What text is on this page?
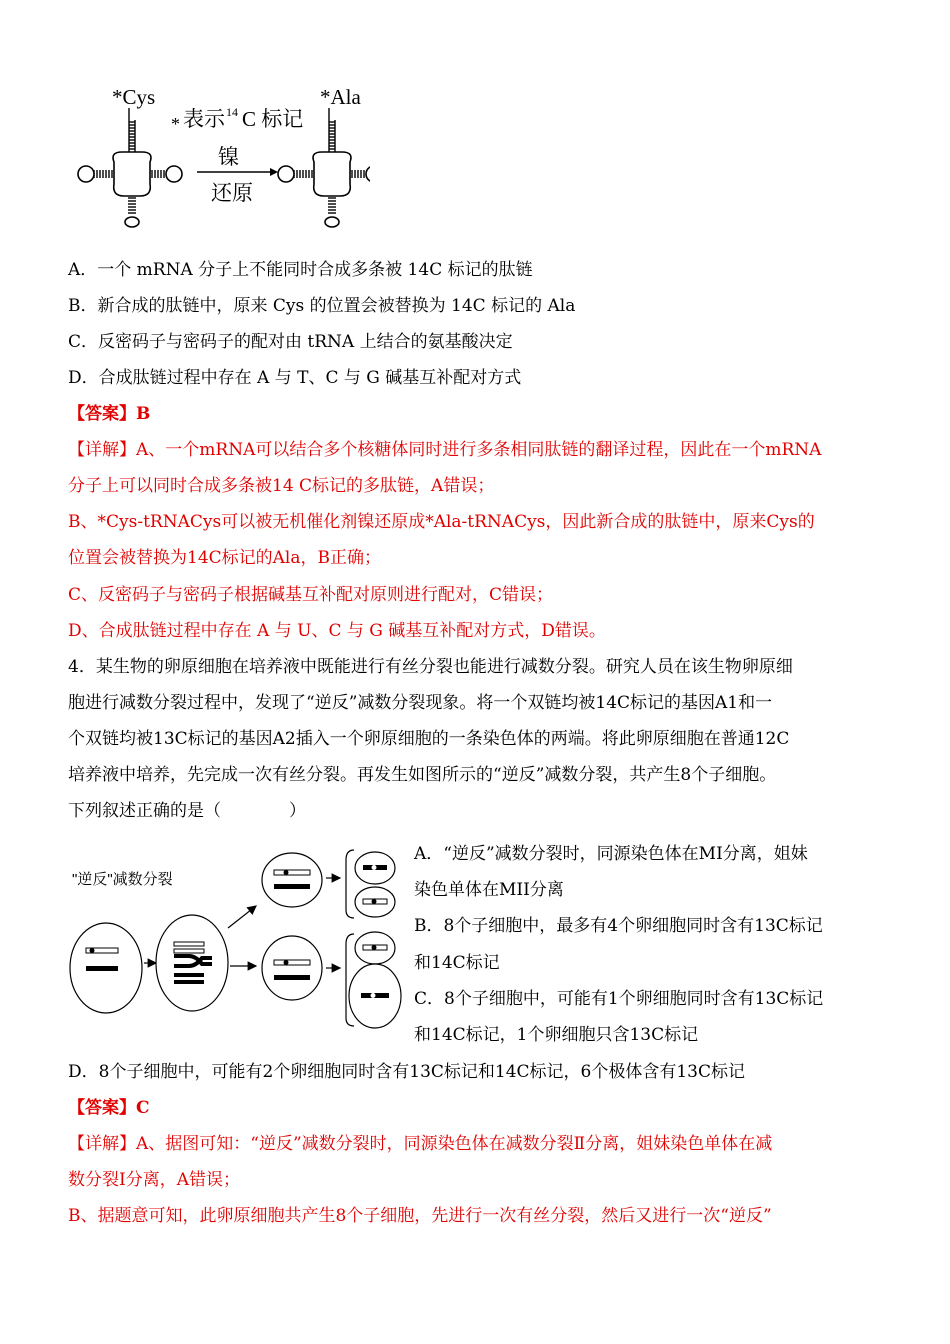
*Cys	*Ala
* 表示 14 C 标记
镍
还原
A．一个 mRNA 分子上不能同时合成多条被 14C 标记的肽链
B．新合成的肽链中，原来 Cys 的位置会被替换为 14C 标记的 Ala
C．反密码子与密码子的配对由 tRNA 上结合的氨基酸决定
D．合成肽链过程中存在 A 与 T、C 与 G 碱基互补配对方式
【答案】B
【详解】A、一个mRNA可以结合多个核糖体同时进行多条相同肽链的翻译过程，因此在一个mRNA
分子上可以同时合成多条被14 C标记的多肽链，A错误；
B、*Cys-tRNACys可以被无机催化剂镍还原成*Ala-tRNACys，因此新合成的肽链中，原来Cys的
位置会被替换为14C标记的Ala，B正确；
C、反密码子与密码子根据碱基互补配对原则进行配对，C错误；
D、合成肽链过程中存在 A 与 U、C 与 G 碱基互补配对方式，D错误。
4．某生物的卵原细胞在培养液中既能进行有丝分裂也能进行减数分裂。研究人员在该生物卵原细
胞进行减数分裂过程中，发现了“逆反”减数分裂现象。将一个双链均被14C标记的基因A1和一
个双链均被13C标记的基因A2插入一个卵原细胞的一条染色体的两端。将此卵原细胞在普通12C
培养液中培养，先完成一次有丝分裂。再发生如图所示的“逆反”减数分裂，共产生8个子细胞。
下列叙述正确的是（　　　　）
"逆反"减数分裂
A．“逆反”减数分裂时，同源染色体在MI分离，姐妹
染色单体在MII分离
B．8个子细胞中，最多有4个卵细胞同时含有13C标记
和14C标记
C．8个子细胞中，可能有1个卵细胞同时含有13C标记
和14C标记，1个卵细胞只含13C标记
D．8个子细胞中，可能有2个卵细胞同时含有13C标记和14C标记，6个极体含有13C标记
【答案】C
【详解】A、据图可知：“逆反”减数分裂时，同源染色体在减数分裂Ⅱ分离，姐妹染色单体在减
数分裂Ⅰ分离，A错误；
B、据题意可知，此卵原细胞共产生8个子细胞，先进行一次有丝分裂，然后又进行一次“逆反”
